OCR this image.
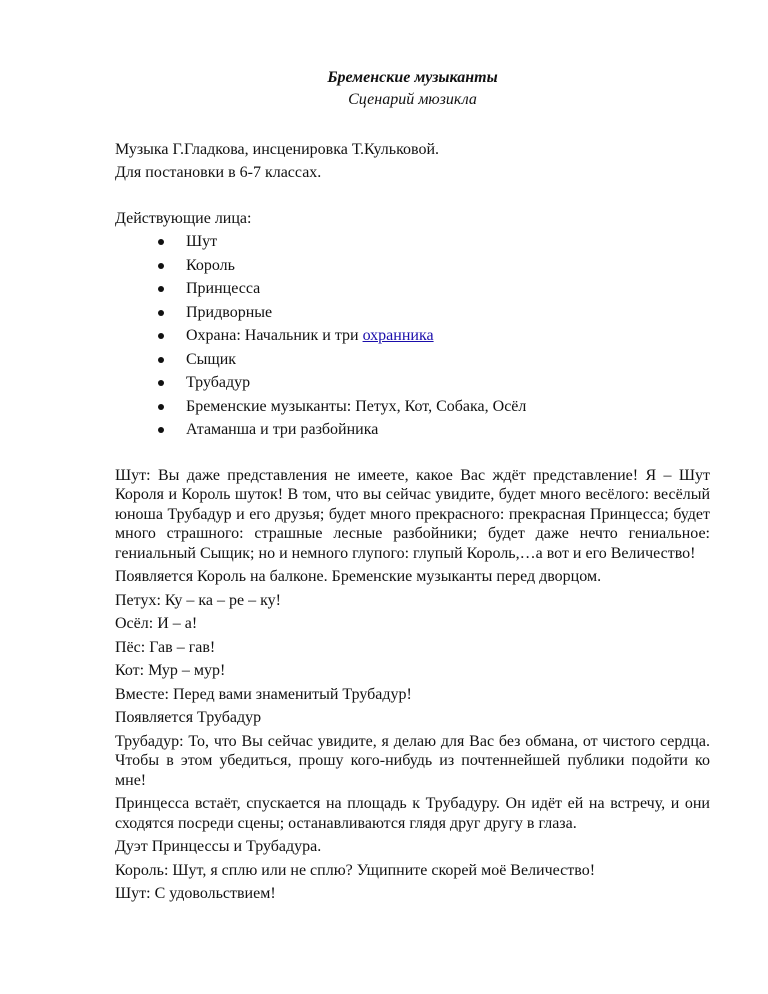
Бременские музыканты

Сценарий мюзикла

Музыка Г.Гладкова, инсценировка Т.Кульковой.

Для постановки в 6-7 классах.

Действующие лица:

Шут
Король
Принцесса
Придворные
Охрана: Начальник и три охранника
Сыщик
Трубадур
Бременские музыканты: Петух, Кот, Собака, Осёл
Атаманша и три разбойника

Шут: Вы даже представления не имеете, какое Вас ждёт представление! Я – Шут Короля и Король шуток! В том, что вы сейчас увидите, будет много весёлого: весёлый юноша Трубадур и его друзья; будет много прекрасного: прекрасная Принцесса; будет много страшного: страшные лесные разбойники; будет даже нечто гениальное: гениальный Сыщик; но и немного глупого: глупый Король,…а вот и его Величество!

Появляется Король на балконе. Бременские музыканты перед дворцом.

Петух: Ку – ка – ре – ку!

Осёл: И – а!

Пёс: Гав – гав!

Кот: Мур – мур!

Вместе: Перед вами знаменитый Трубадур!

Появляется Трубадур

Трубадур: То, что Вы сейчас увидите, я делаю для Вас без обмана, от чистого сердца. Чтобы в этом убедиться, прошу кого-нибудь из почтеннейшей публики подойти ко мне!

Принцесса встаёт, спускается на площадь к Трубадуру. Он идёт ей на встречу, и они сходятся посреди сцены; останавливаются глядя друг другу в глаза.

Дуэт Принцессы и Трубадура.

Король: Шут, я сплю или не сплю? Ущипните скорей моё Величество!

Шут: С удовольствием!
